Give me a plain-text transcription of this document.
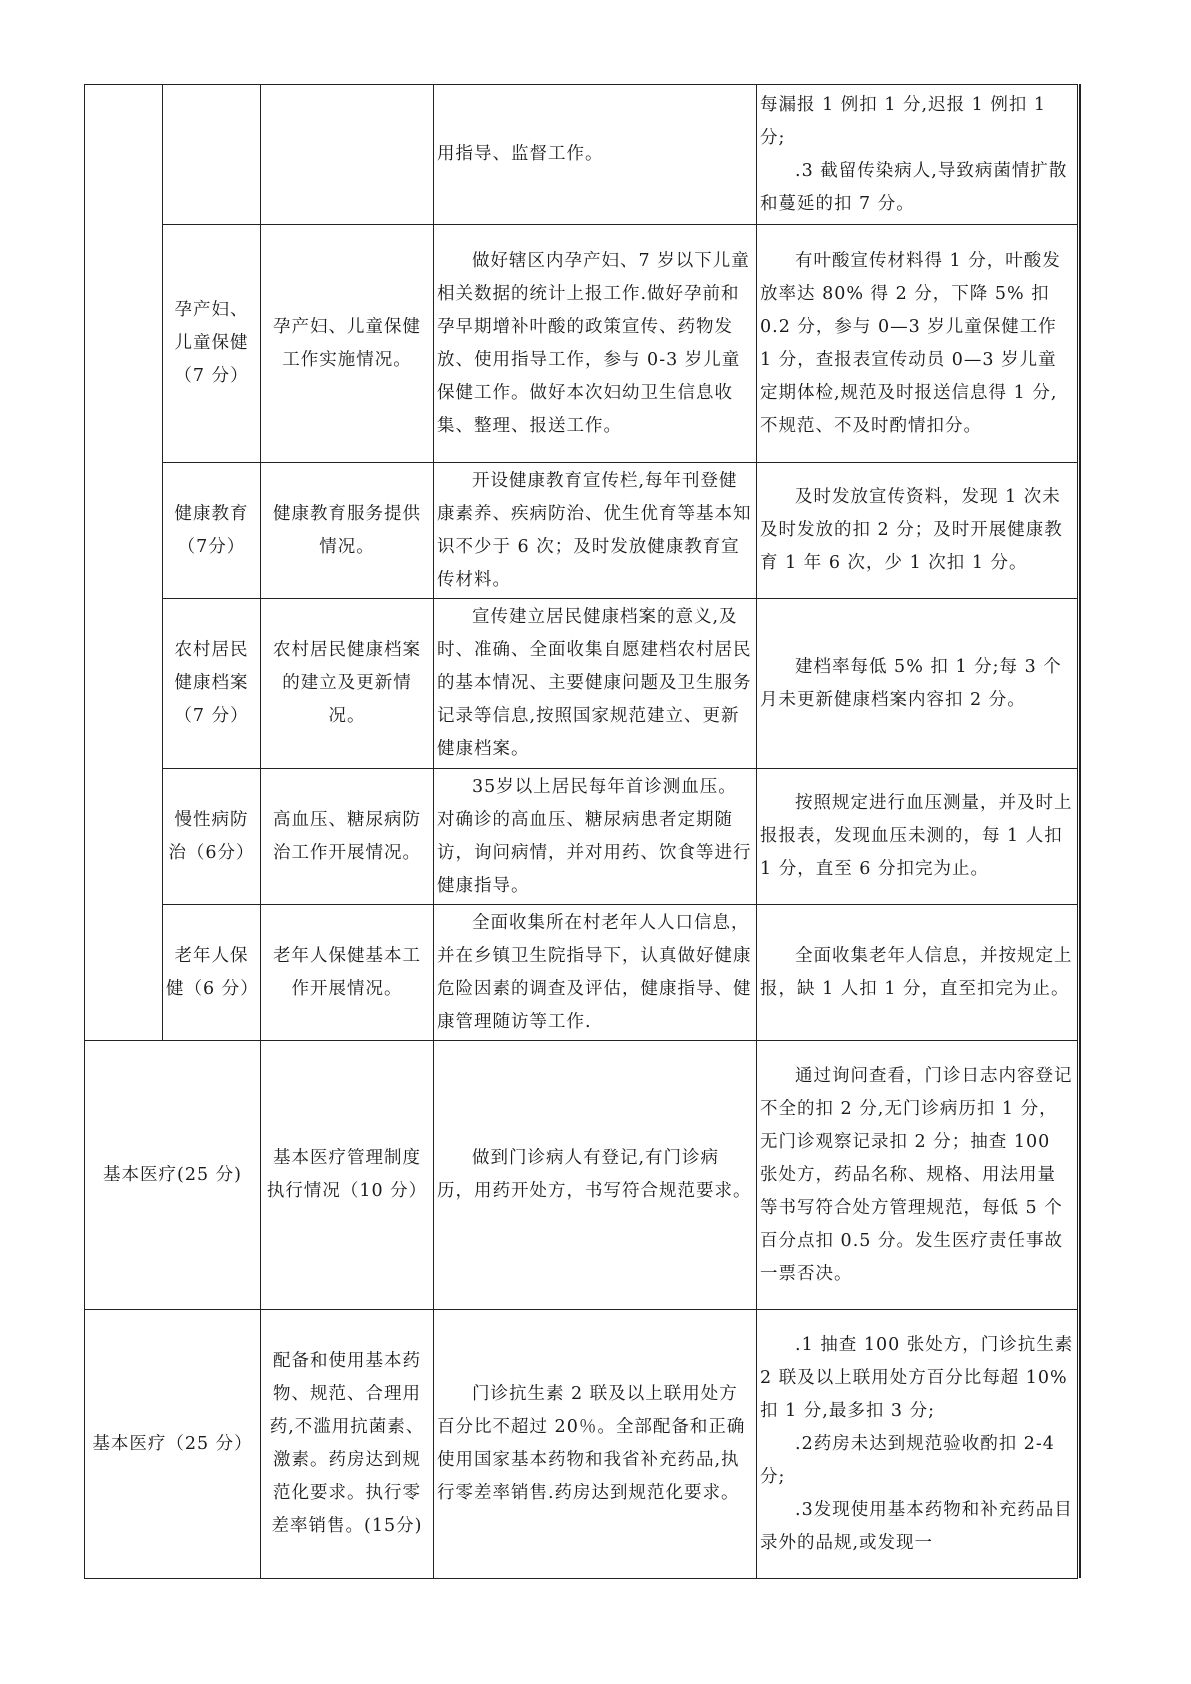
			用指导、监督工作。	每漏报 1 例扣 1 分,迟报 1 例扣 1 分;
.3 截留传染病人,导致病菌情扩散和蔓延的扣 7 分。

	孕产妇、儿童保健（7 分）	孕产妇、儿童保健工作实施情况。	做好辖区内孕产妇、7 岁以下儿童相关数据的统计上报工作.做好孕前和孕早期增补叶酸的政策宣传、药物发放、使用指导工作，参与 0-3 岁儿童保健工作。做好本次妇幼卫生信息收集、整理、报送工作。	有叶酸宣传材料得 1 分，叶酸发放率达 80% 得 2 分，下降 5% 扣 0.2 分，参与 0—3 岁儿童保健工作 1 分，查报表宣传动员 0—3 岁儿童定期体检,规范及时报送信息得 1 分,不规范、不及时酌情扣分。
	健康教育（7分）	健康教育服务提供情况。	开设健康教育宣传栏,每年刊登健康素养、疾病防治、优生优育等基本知识不少于 6 次；及时发放健康教育宣传材料。	及时发放宣传资料，发现 1 次未及时发放的扣 2 分；及时开展健康教育 1 年 6 次，少 1 次扣 1 分。
	农村居民健康档案（7 分）	农村居民健康档案的建立及更新情况。	宣传建立居民健康档案的意义,及时、准确、全面收集自愿建档农村居民的基本情况、主要健康问题及卫生服务记录等信息,按照国家规范建立、更新健康档案。	建档率每低 5% 扣 1 分;每 3 个月未更新健康档案内容扣 2 分。
	慢性病防治（6分）	高血压、糖尿病防治工作开展情况。	35岁以上居民每年首诊测血压。对确诊的高血压、糖尿病患者定期随访，询问病情，并对用药、饮食等进行健康指导。	按照规定进行血压测量，并及时上报报表，发现血压未测的，每 1 人扣 1 分，直至 6 分扣完为止。
	老年人保健（6 分）	老年人保健基本工作开展情况。	全面收集所在村老年人人口信息，并在乡镇卫生院指导下，认真做好健康危险因素的调查及评估，健康指导、健康管理随访等工作.	全面收集老年人信息，并按规定上报，缺 1 人扣 1 分，直至扣完为止。
基本医疗(25 分)		基本医疗管理制度执行情况（10 分）	做到门诊病人有登记,有门诊病历，用药开处方，书写符合规范要求。	通过询问查看，门诊日志内容登记不全的扣 2 分,无门诊病历扣 1 分，无门诊观察记录扣 2 分；抽查 100 张处方，药品名称、规格、用法用量等书写符合处方管理规范，每低 5 个百分点扣 0.5 分。发生医疗责任事故一票否决。
基本医疗（25 分）		配备和使用基本药物、规范、合理用药,不滥用抗菌素、激素。药房达到规范化要求。执行零差率销售。(15分)	门诊抗生素 2 联及以上联用处方百分比不超过 20％。全部配备和正确使用国家基本药物和我省补充药品,执行零差率销售.药房达到规范化要求。	.1 抽查 100 张处方，门诊抗生素 2 联及以上联用处方百分比每超 10% 扣 1 分,最多扣 3 分;
.2药房未达到规范验收酌扣 2-4 分;
.3发现使用基本药物和补充药品目录外的品规,或发现一
